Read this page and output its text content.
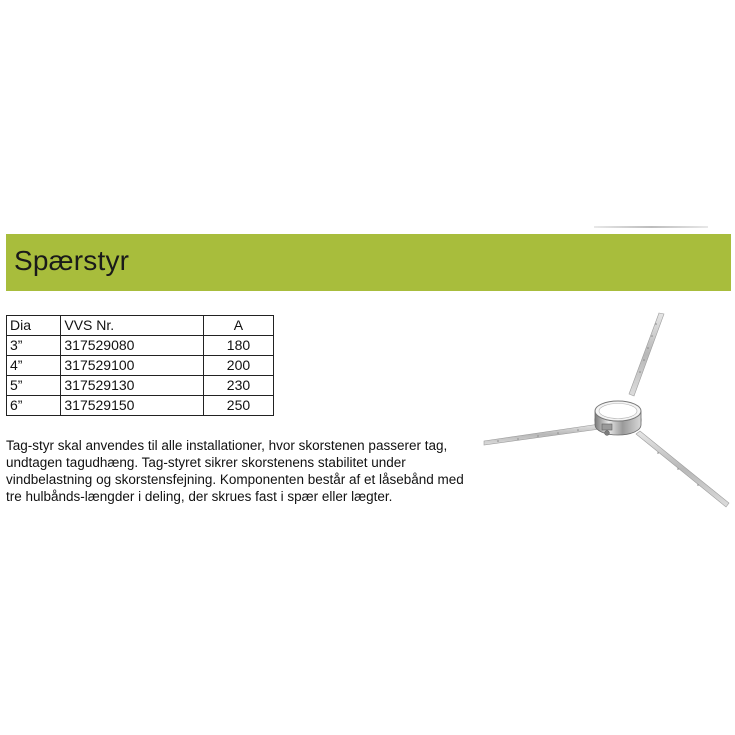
Spærstyr
Dia	VVS Nr.	A
3”	317529080	180
4”	317529100	200
5”	317529130	230
6”	317529150	250
Tag-styr skal anvendes til alle installationer, hvor skorstenen passerer tag, undtagen tagudhæng. Tag-styret sikrer skorstenens stabilitet under vindbelastning og skorstensfejning. Komponenten består af et låsebånd med tre hulbånds-længder i deling, der skrues fast i spær eller lægter.
